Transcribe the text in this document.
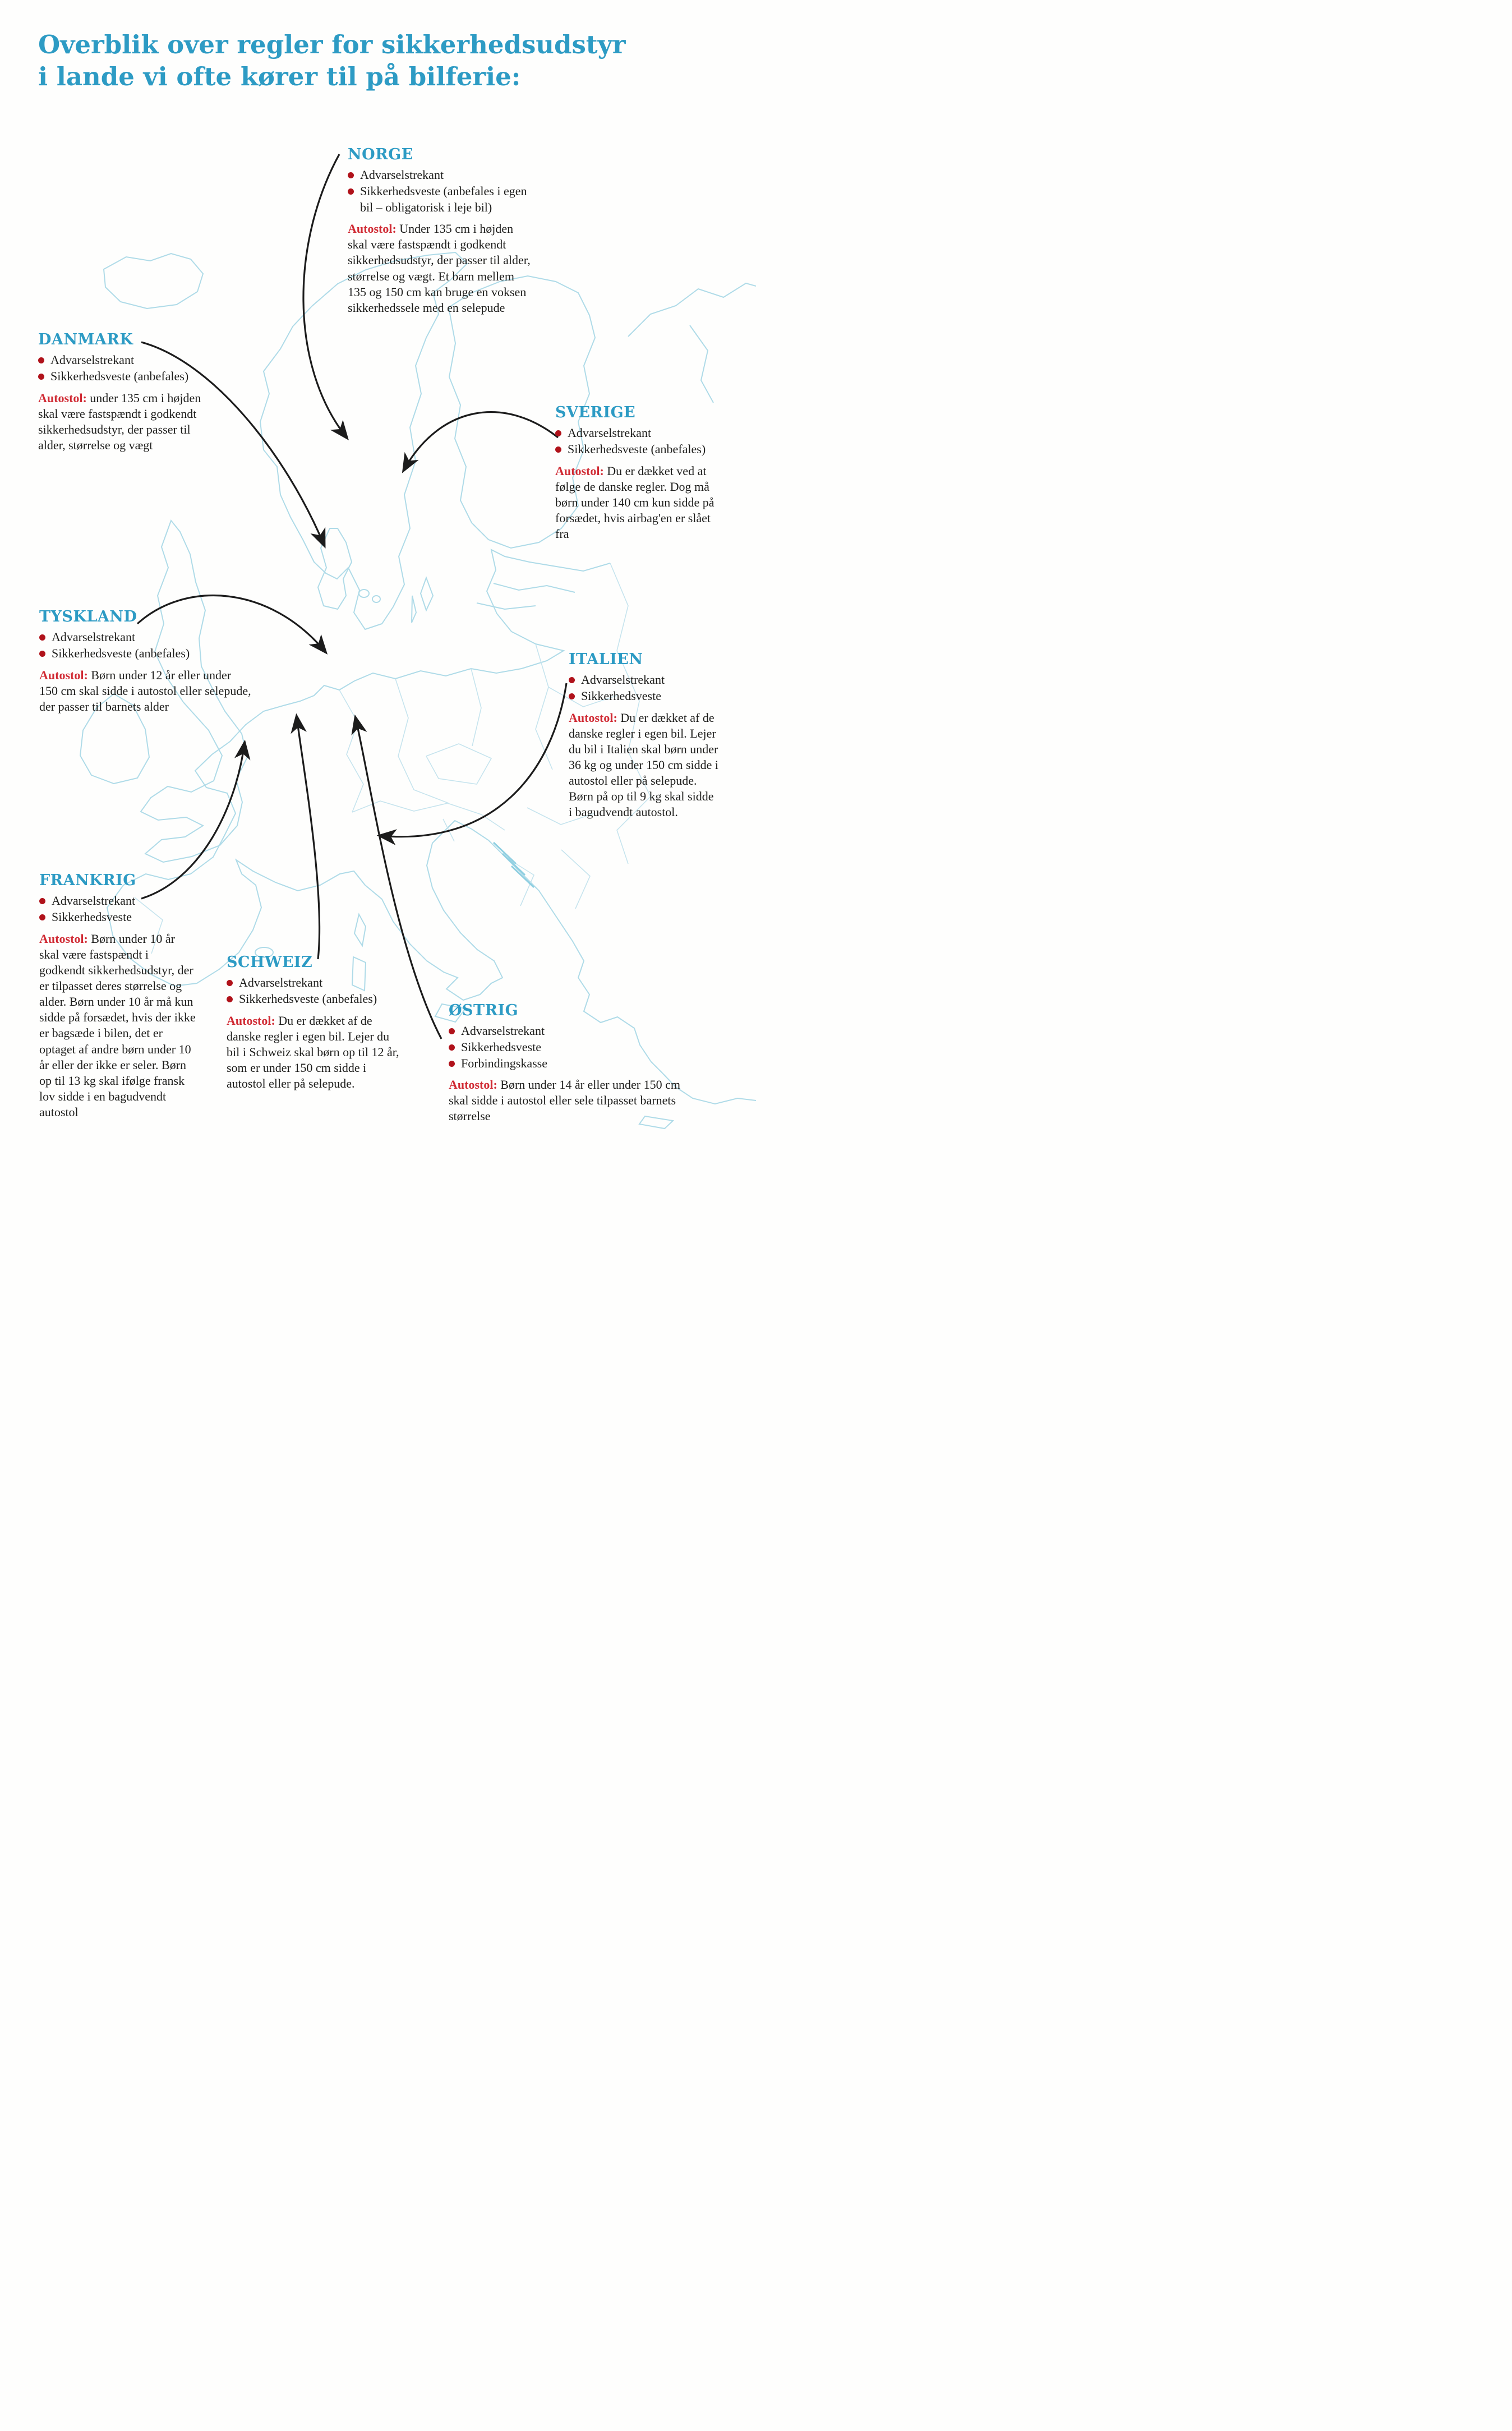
Overblik over regler for sikkerhedsudstyr
i lande vi ofte kører til på bilferie:
NORGE
Advarselstrekant
Sikkerhedsveste (anbefales i egen bil – obligatorisk i leje bil)

Autostol: Under 135 cm i højden skal være fastspændt i godkendt sikkerhedsudstyr, der passer til alder, størrelse og vægt. Et barn mellem 135 og 150 cm kan bruge en voksen sikkerhedssele med en selepude

DANMARK
Advarselstrekant
Sikkerhedsveste (anbefales)

Autostol: under 135 cm i højden skal være fastspændt i godkendt sikkerhedsudstyr, der passer til alder, størrelse og vægt

SVERIGE
Advarselstrekant
Sikkerhedsveste (anbefales)

Autostol: Du er dækket ved at følge de danske regler. Dog må børn under 140 cm kun sidde på forsædet, hvis airbag'en er slået fra

TYSKLAND
Advarselstrekant
Sikkerhedsveste (anbefales)

Autostol: Børn under 12 år eller under 150 cm skal sidde i autostol eller selepude, der passer til barnets alder

ITALIEN
Advarselstrekant
Sikkerhedsveste

Autostol: Du er dækket af de danske regler i egen bil. Lejer du bil i Italien skal børn under 36 kg og under 150 cm sidde i autostol eller på selepude. Børn på op til 9 kg skal sidde i bagudvendt autostol.

FRANKRIG
Advarselstrekant
Sikkerhedsveste

Autostol: Børn under 10 år skal være fastspændt i godkendt sikkerhedsudstyr, der er tilpasset deres størrelse og alder. Børn under 10 år må kun sidde på forsædet, hvis der ikke er bagsæde i bilen, det er optaget af andre børn under 10 år eller der ikke er seler. Børn op til 13 kg skal ifølge fransk lov sidde i en bagudvendt autostol

SCHWEIZ
Advarselstrekant
Sikkerhedsveste (anbefales)

Autostol: Du er dækket af de danske regler i egen bil. Lejer du bil i Schweiz skal børn op til 12 år, som er under 150 cm sidde i autostol eller på selepude.

ØSTRIG
Advarselstrekant
Sikkerhedsveste
Forbindingskasse

Autostol: Børn under 14 år eller under 150 cm skal sidde i autostol eller sele tilpasset barnets størrelse
